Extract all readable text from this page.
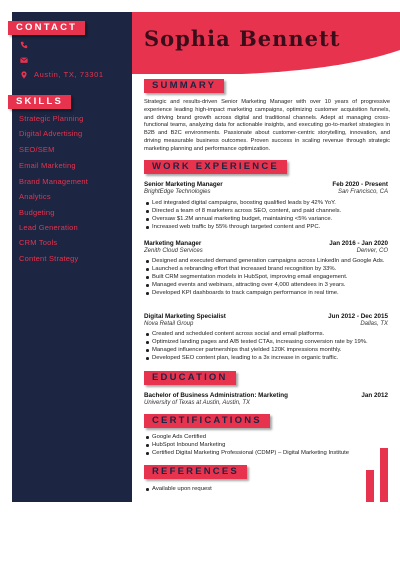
Sophia Bennett
CONTACT
Austin, TX, 73301
SKILLS
Strategic Planning
Digital Advertising
SEO/SEM
Email Marketing
Brand Management
Analytics
Budgeting
Lead Generation
CRM Tools
Content Strategy
SUMMARY
Strategic and results-driven Senior Marketing Manager with over 10 years of progressive experience leading high-impact marketing campaigns, optimizing customer acquisition funnels, and driving brand growth across digital and traditional channels. Adept at managing cross-functional teams, analyzing data for actionable insights, and executing go-to-market strategies in B2B and B2C environments. Passionate about customer-centric storytelling, innovation, and driving measurable business outcomes. Proven success in scaling revenue through strategic marketing planning and performance optimization.
WORK EXPERIENCE
Senior Marketing Manager	Feb 2020 - Present
BrightEdge Technologies	San Francisco, CA
Led integrated digital campaigns, boosting qualified leads by 42% YoY.
Directed a team of 8 marketers across SEO, content, and paid channels.
Oversaw $1.2M annual marketing budget, maintaining <5% variance.
Increased web traffic by 55% through targeted content and PPC.
Marketing Manager	Jan 2016 - Jan 2020
Zenith Cloud Services	Denver, CO
Designed and executed demand generation campaigns across LinkedIn and Google Ads.
Launched a rebranding effort that increased brand recognition by 33%.
Built CRM segmentation models in HubSpot, improving email engagement.
Managed events and webinars, attracting over 4,000 attendees in 3 years.
Developed KPI dashboards to track campaign performance in real time.
Digital Marketing Specialist	Jun 2012 - Dec 2015
Nova Retail Group	Dallas, TX
Created and scheduled content across social and email platforms.
Optimized landing pages and A/B tested CTAs, increasing conversion rate by 19%.
Managed influencer partnerships that yielded 120K impressions monthly.
Developed SEO content plan, leading to a 3x increase in organic traffic.
EDUCATION
Bachelor of Business Administration: Marketing	Jan 2012
University of Texas at Austin, Austin, TX
CERTIFICATIONS
Google Ads Certified
HubSpot Inbound Marketing
Certified Digital Marketing Professional (CDMP) – Digital Marketing Institute
REFERENCES
Available upon request
